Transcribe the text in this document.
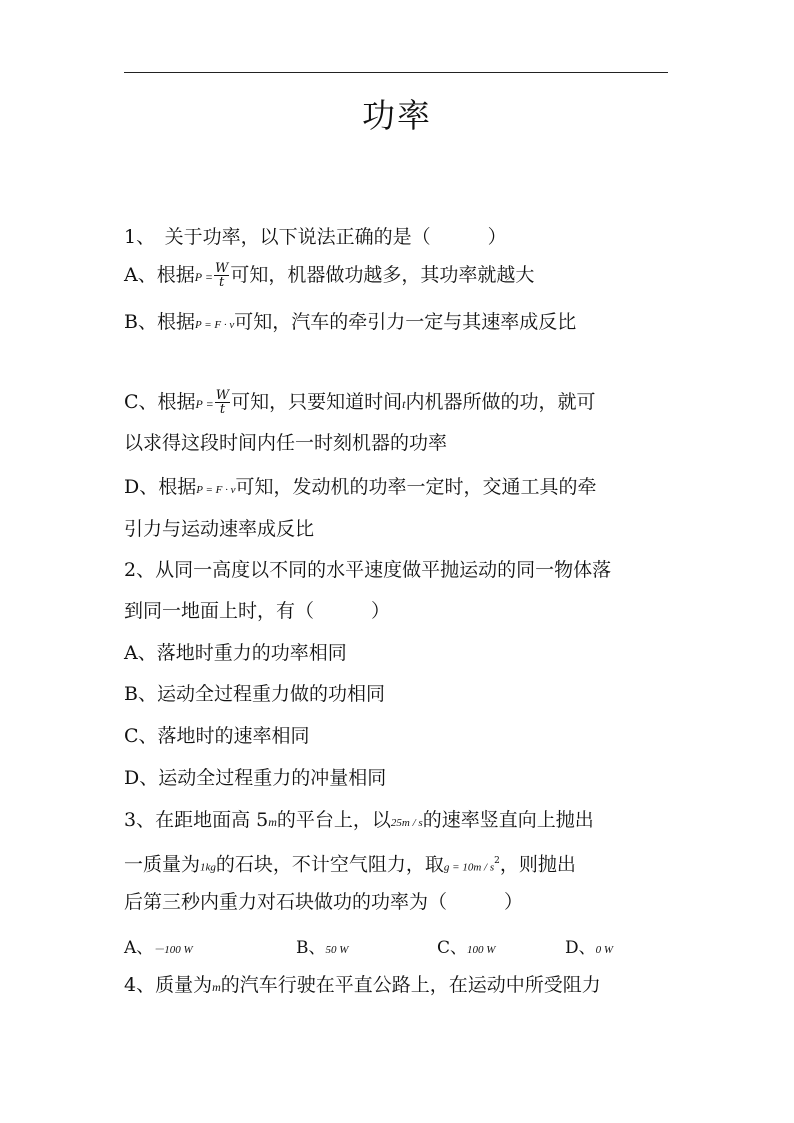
功率
1、　关于功率，以下说法正确的是（　　　）
A、根据$P = \frac{W}{t}$ 可知，机器做功越多，其功率就越大
B、根据P = F · v可知，汽车的牵引力一定与其速率成反比
C、根据$P = \frac{W}{t}$ 可知，只要知道时间t内机器所做的功，就可
以求得这段时间内任一时刻机器的功率
D、根据P = F · v可知，发动机的功率一定时，交通工具的牵
引力与运动速率成反比
2、从同一高度以不同的水平速度做平抛运动的同一物体落
到同一地面上时，有（　　　）
A、落地时重力的功率相同
B、运动全过程重力做的功相同
C、落地时的速率相同
D、运动全过程重力的冲量相同
3、在距地面高 5m的平台上，以25m / s的速率竖直向上抛出
一质量为1kg的石块，不计空气阻力，取$g = 10m / s^2$，则抛出
后第三秒内重力对石块做功的功率为（　　　）
A、－100 W	B、50 W	C、100 W	D、0 W
4、质量为m的汽车行驶在平直公路上，在运动中所受阻力
